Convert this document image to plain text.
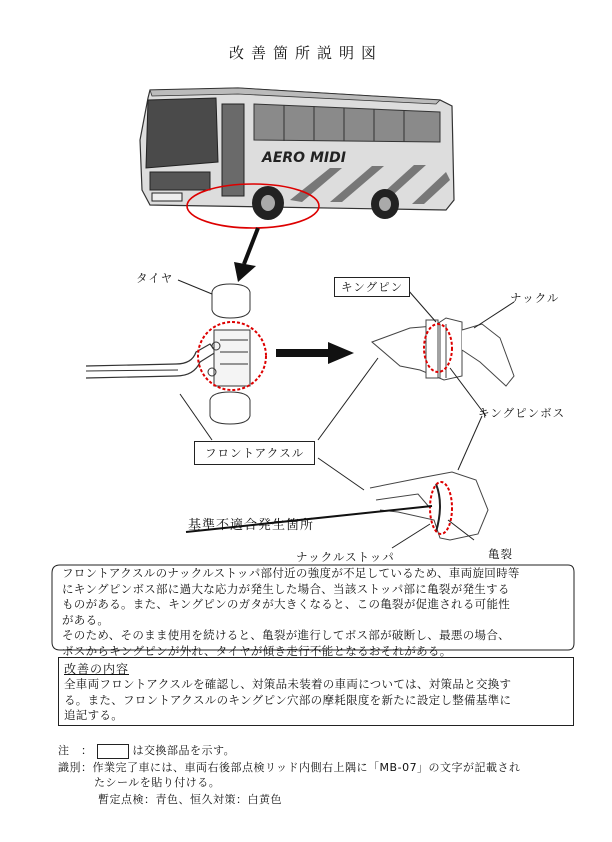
改善箇所説明図
AERO MIDI
タイヤ
キングピン
ナックル
キングピンボス
フロントアクスル
基準不適合発生箇所
ナックルストッパ	亀裂
フロントアクスルのナックルストッパ部付近の強度が不足しているため、車両旋回時等
にキングピンボス部に過大な応力が発生した場合、当該ストッパ部に亀裂が発生する
ものがある。また、キングピンのガタが大きくなると、この亀裂が促進される可能性
がある。
そのため、そのまま使用を続けると、亀裂が進行してボス部が破断し、最悪の場合、
ボスからキングピンが外れ、タイヤが傾き走行不能となるおそれがある。
改善の内容
全車両フロントアクスルを確認し、対策品未装着の車両については、対策品と交換す
る。また、フロントアクスルのキングピン穴部の摩耗限度を新たに設定し整備基準に
追記する。
注　：	は交換部品を示す。
識別：作業完了車には、車両右後部点検リッド内側右上隅に「MB-07」の文字が記載され
たシールを貼り付ける。
暫定点検：青色、恒久対策：白黄色
